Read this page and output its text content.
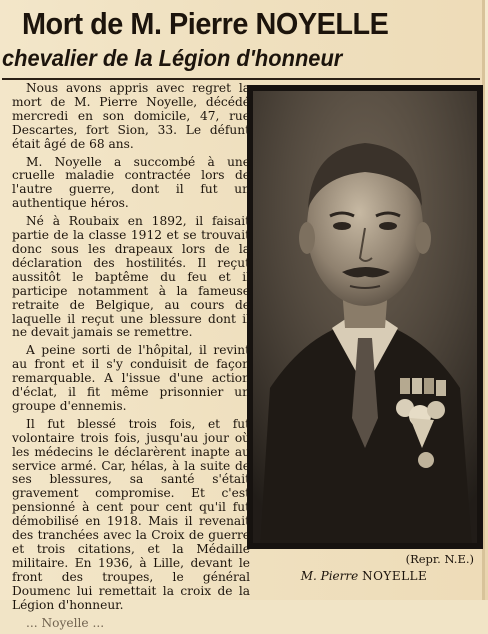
Mort de M. Pierre NOYELLE
chevalier de la Légion d'honneur

Nous avons appris avec regret la mort de M. Pierre Noyelle, décédé mercredi en son domicile, 47, rue Descartes, fort Sion, 33. Le défunt était âgé de 68 ans.

M. Noyelle a succombé à une cruelle maladie contractée lors de l'autre guerre, dont il fut un authentique héros.

Né à Roubaix en 1892, il faisait partie de la classe 1912 et se trouvait donc sous les drapeaux lors de la déclaration des hostilités. Il reçut aussitôt le baptême du feu et il participe notamment à la fameuse retraite de Belgique, au cours de laquelle il reçut une blessure dont il ne devait jamais se remettre.

A peine sorti de l'hôpital, il revint au front et il s'y conduisit de façon remarquable. A l'issue d'une action d'éclat, il fit même prisonnier un groupe d'ennemis.

Il fut blessé trois fois, et fut volontaire trois fois, jusqu'au jour où les médecins le déclarèrent inapte au service armé. Car, hélas, à la suite de ses blessures, sa santé s'était gravement compromise. Et c'est pensionné à cent pour cent qu'il fut démobilisé en 1918. Mais il revenait des tranchées avec la Croix de guerre et trois citations, et la Médaille militaire. En 1936, à Lille, devant le front des troupes, le général Doumenc lui remettait la croix de la Légion d'honneur.

... Noyelle ...

(Repr. N.E.)
M. Pierre NOYELLE
